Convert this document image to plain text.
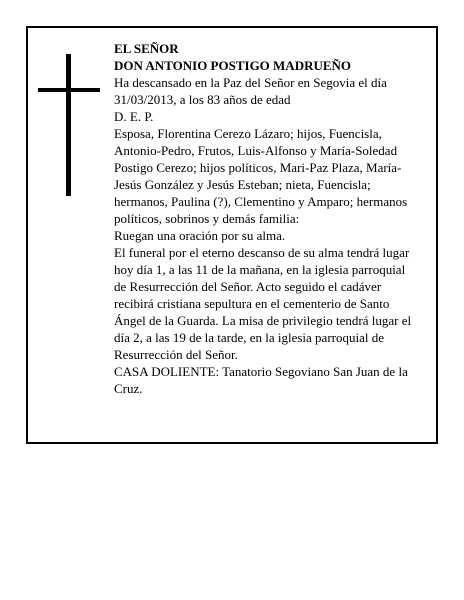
EL SEÑOR

DON ANTONIO POSTIGO MADRUEÑO

Ha descansado en la Paz del Señor en Segovia el día 31/03/2013, a los 83 años de edad

D. E. P.

Esposa, Florentina Cerezo Lázaro; hijos, Fuencisla, Antonio-Pedro, Frutos, Luis-Alfonso y María-Soledad Postigo Cerezo; hijos políticos, Mari-Paz Plaza, María-Jesús González y Jesús Esteban; nieta, Fuencisla; hermanos, Paulina (?), Clementino y Amparo; hermanos políticos, sobrinos y demás familia:

Ruegan una oración por su alma.

El funeral por el eterno descanso de su alma tendrá lugar hoy día 1, a las 11 de la mañana, en la iglesia parroquial de Resurrección del Señor. Acto seguido el cadáver recibirá cristiana sepultura en el cementerio de Santo Ángel de la Guarda. La misa de privilegio tendrá lugar el día 2, a las 19 de la tarde, en la iglesia parroquial de Resurrección del Señor.

CASA DOLIENTE: Tanatorio Segoviano San Juan de la Cruz.
